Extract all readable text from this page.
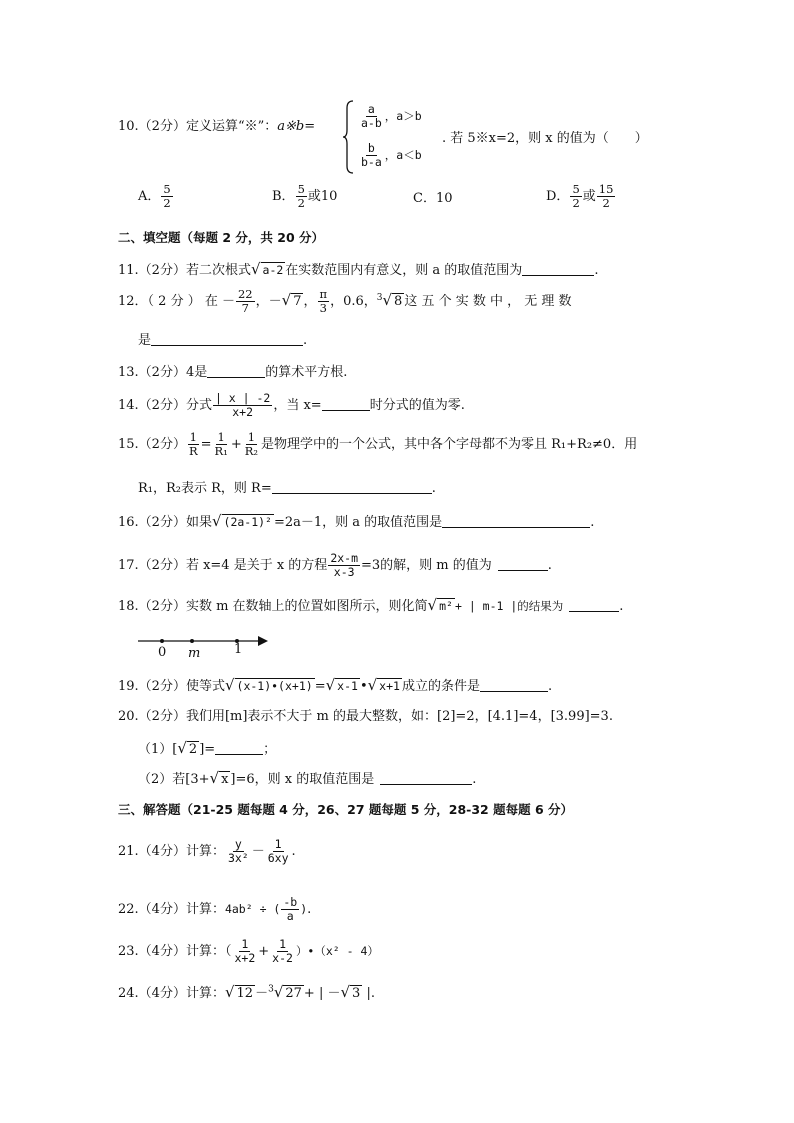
10.（2分）定义运算“※”：a※b=	$\frac{a}{a-b}$ ，a＞b
$\frac{b}{b-a}$ ，a＜b
. 若 5※x=2，则 x 的值为（　　）
A． $\frac{5}{2}$	B． $\frac{5}{2}$ 或10	C．10	D． $\frac{5}{2}$ 或 $\frac{15}{2}$
二、填空题（每题 2 分，共 20 分）
11.（2分）若二次根式√ a-2 在实数范围内有意义，则 a 的取值范围为	.
12．（ 2 分 ） 在 － $\frac{22}{7}$ ，－√ 7 ， $\frac{\pi}{3}$ ，0.6，$^3$√ 8 这 五 个 实 数 中 ， 无 理 数
是	.
13.（2分）4是	的算术平方根.
14.（2分）分式 $\frac{| x | -2}{x+2}$ ，当 x=	时分式的值为零.
15.（2分） $\frac{1}{R} = \frac{1}{\text{R₁}} + \frac{1}{\text{R₂}}$ 是物理学中的一个公式，其中各个字母都不为零且 R₁+R₂≠0．用
R₁，R₂表示 R，则 R=	.
16.（2分）如果√ (2a-1)² =2a－1，则 a 的取值范围是	.
17.（2分）若 x=4 是关于 x 的方程 $\frac{2x-m}{x-3} =3$的解，则 m 的值为	.
18.（2分）实数 m 在数轴上的位置如图所示，则化简√ m² + | m-1 |的结果为	.
0 m	1
19.（2分）使等式√ (x-1)•(x+1) =√ x-1 •√ x+1 成立的条件是	.
20.（2分）我们用[m]表示不大于 m 的最大整数，如：[2]=2，[4.1]=4，[3.99]=3.
（1）[√ 2 ]=	；
（2）若[3+√ x ]=6，则 x 的取值范围是	.
三、解答题（21-25 题每题 4 分，26、27 题每题 5 分，28-32 题每题 6 分）
21.（4分）计算： $\frac{y}{\text{3x²}} - \frac{1}{6xy}$ .
22.（4分）计算：4ab² ÷ ( $\frac{-b}{a}$ ).
23.（4分）计算：（ $\frac{1}{x+2} + \frac{1}{x-2}$ ）•（x² - 4）
24.（4分）计算：√ 12 －$^3$√ 27 + | －√ 3 |.
